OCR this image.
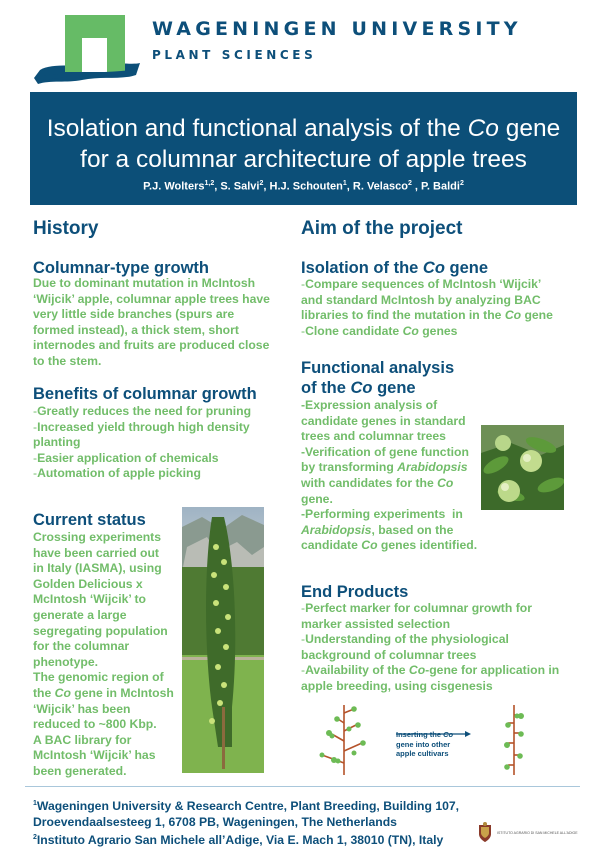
WAGENINGEN UNIVERSITY
PLANT SCIENCES
Isolation and functional analysis of the Co gene
for a columnar architecture of apple trees
P.J. Wolters$^{1,2}$, S. Salvi$^2$, H.J. Schouten$^1$, R. Velasco$^2$ , P. Baldi$^2$
History
Columnar-type growth
Due to dominant mutation in McIntosh
‘Wijcik’ apple, columnar apple trees have
very little side branches (spurs are
formed instead), a thick stem, short
internodes and fruits are produced close
to the stem.
Benefits of columnar growth
-Greatly reduces the need for pruning
-Increased yield through high density planting
-Easier application of chemicals
-Automation of apple picking
Current status
Crossing experiments
have been carried out
in Italy (IASMA), using
Golden Delicious x
McIntosh ‘Wijcik’ to
generate a large
segregating population
for the columnar
phenotype.
The genomic region of
the Co gene in McIntosh
‘Wijcik’ has been
reduced to ~800 Kbp.
A BAC library for
McIntosh ‘Wijcik’ has
been generated.
Aim of the project
Isolation of the Co gene
-Compare sequences of McIntosh ‘Wijcik’
and standard McIntosh by analyzing BAC
libraries to find the mutation in the Co gene
-Clone candidate Co genes
Functional analysis
of the Co gene
-Expression analysis of
candidate genes in standard
trees and columnar trees
-Verification of gene function
by transforming Arabidopsis
with candidates for the Co
gene.
-Performing experiments  in
Arabidopsis, based on the
candidate Co genes identified.
End Products
-Perfect marker for columnar growth for
marker assisted selection
-Understanding of the physiological
background of columnar trees
-Availability of the Co-gene for application in
apple breeding, using cisgenesis
Inserting the Co
gene into other
apple cultivars
$^1$Wageningen University & Research Centre, Plant Breeding, Building 107,
Droevendaalsesteeg 1, 6708 PB, Wageningen, The Netherlands
$^2$Instituto Agrario San Michele all’Adige, Via E. Mach 1, 38010 (TN), Italy
ISTITUTO AGRARIO DI SAN MICHELE ALL'ADIGE
